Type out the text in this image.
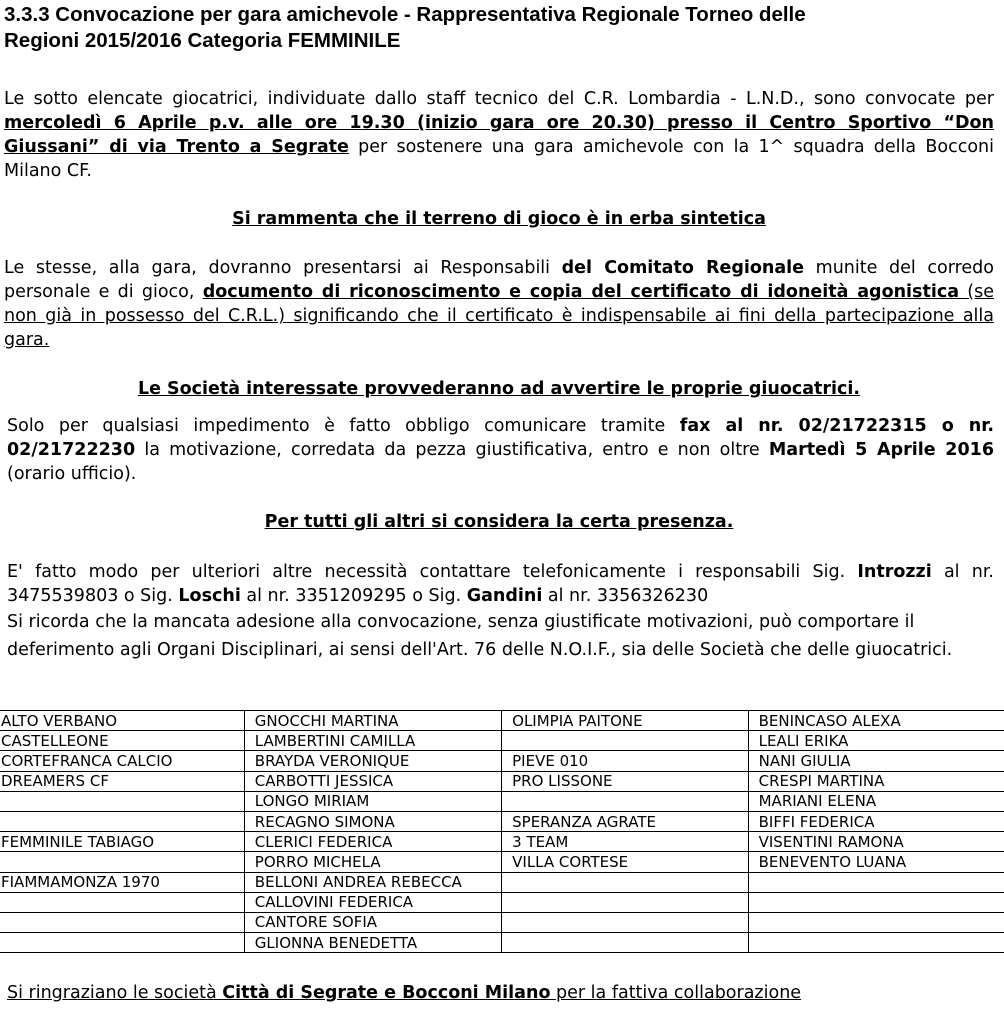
3.3.3 Convocazione per gara amichevole - Rappresentativa Regionale Torneo delle
Regioni 2015/2016 Categoria FEMMINILE
Le sotto elencate giocatrici, individuate dallo staff tecnico del C.R. Lombardia - L.N.D., sono convocate per mercoledì 6 Aprile p.v. alle ore 19.30 (inizio gara ore 20.30) presso il Centro Sportivo “Don Giussani” di via Trento a Segrate per sostenere una gara amichevole con la 1^ squadra della Bocconi Milano CF.
Si rammenta che il terreno di gioco è in erba sintetica
Le stesse, alla gara, dovranno presentarsi ai Responsabili del Comitato Regionale munite del corredo personale e di gioco, documento di riconoscimento e copia del certificato di idoneità agonistica (se non già in possesso del C.R.L.) significando che il certificato è indispensabile ai fini della partecipazione alla gara.
Le Società interessate provvederanno ad avvertire le proprie giuocatrici.
Solo per qualsiasi impedimento è fatto obbligo comunicare tramite fax al nr. 02/21722315 o nr. 02/21722230 la motivazione, corredata da pezza giustificativa, entro e non oltre Martedì 5 Aprile 2016 (orario ufficio).
Per tutti gli altri si considera la certa presenza.
E' fatto modo per ulteriori altre necessità contattare telefonicamente i responsabili Sig. Introzzi al nr. 3475539803 o Sig. Loschi al nr. 3351209295 o Sig. Gandini al nr. 3356326230
Si ricorda che la mancata adesione alla convocazione, senza giustificate motivazioni, può comportare il deferimento agli Organi Disciplinari, ai sensi dell'Art. 76 delle N.O.I.F., sia delle Società che delle giuocatrici.
ALTO VERBANO	GNOCCHI MARTINA	OLIMPIA PAITONE	BENINCASO ALEXA
CASTELLEONE	LAMBERTINI CAMILLA		LEALI ERIKA
CORTEFRANCA CALCIO	BRAYDA VERONIQUE	PIEVE 010	NANI GIULIA
DREAMERS CF	CARBOTTI JESSICA	PRO LISSONE	CRESPI MARTINA
	LONGO MIRIAM		MARIANI ELENA
	RECAGNO SIMONA	SPERANZA AGRATE	BIFFI FEDERICA
FEMMINILE TABIAGO	CLERICI FEDERICA	3 TEAM	VISENTINI RAMONA
	PORRO MICHELA	VILLA CORTESE	BENEVENTO LUANA
FIAMMAMONZA 1970	BELLONI ANDREA REBECCA		
	CALLOVINI FEDERICA		
	CANTORE SOFIA		
	GLIONNA BENEDETTA		
Si ringraziano le società Città di Segrate e Bocconi Milano per la fattiva collaborazione
